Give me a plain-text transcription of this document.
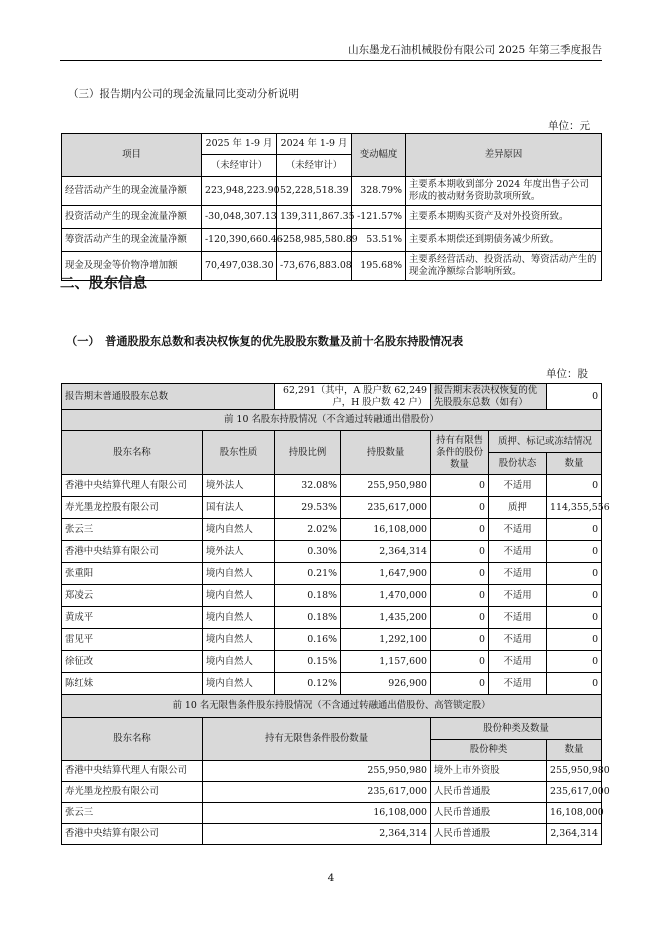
山东墨龙石油机械股份有限公司 2025 年第三季度报告
（三）报告期内公司的现金流量同比变动分析说明
单位：元
项目	2025 年 1-9 月	2024 年 1-9 月	变动幅度	差异原因
	（未经审计）	（未经审计）		
经营活动产生的现金流量净额	223,948,223.90	52,228,518.39	328.79%	主要系本期收到部分 2024 年度出售子公司形成的被动财务资助款项所致。
投资活动产生的现金流量净额	-30,048,307.13	139,311,867.35	-121.57%	主要系本期购买资产及对外投资所致。
筹资活动产生的现金流量净额	-120,390,660.46	-258,985,580.89	53.51%	主要系本期偿还到期债务减少所致。
现金及现金等价物净增加额	70,497,038.30	-73,676,883.08	195.68%	主要系经营活动、投资活动、筹资活动产生的现金流净额综合影响所致。
二、股东信息
（一）　普通股股东总数和表决权恢复的优先股股东数量及前十名股东持股情况表
单位：股
报告期末普通股股东总数		62,291（其中，A 股户数 62,249 户，H 股户数 42 户）		报告期末表决权恢复的优先股股东总数（如有）		0
前 10 名股东持股情况（不含通过转融通出借股份）						
股东名称	股东性质	持股比例	持股数量	持有有限售条件的股份数量	质押、标记或冻结情况	
					股份状态	数量
香港中央结算代理人有限公司	境外法人	32.08%	255,950,980	0	不适用	0
寿光墨龙控股有限公司	国有法人	29.53%	235,617,000	0	质押	114,355,556
张云三	境内自然人	2.02%	16,108,000	0	不适用	0
香港中央结算有限公司	境外法人	0.30%	2,364,314	0	不适用	0
张重阳	境内自然人	0.21%	1,647,900	0	不适用	0
郑凌云	境内自然人	0.18%	1,470,000	0	不适用	0
黄成平	境内自然人	0.18%	1,435,200	0	不适用	0
雷见平	境内自然人	0.16%	1,292,100	0	不适用	0
徐征改	境内自然人	0.15%	1,157,600	0	不适用	0
陈红妹	境内自然人	0.12%	926,900	0	不适用	0
前 10 名无限售条件股东持股情况（不含通过转融通出借股份、高管锁定股）						
股东名称	持有无限售条件股份数量			股份种类及数量		
				股份种类		数量
香港中央结算代理人有限公司	255,950,980			境外上市外资股		255,950,980
寿光墨龙控股有限公司	235,617,000			人民币普通股		235,617,000
张云三	16,108,000			人民币普通股		16,108,000
香港中央结算有限公司	2,364,314			人民币普通股		2,364,314
4
